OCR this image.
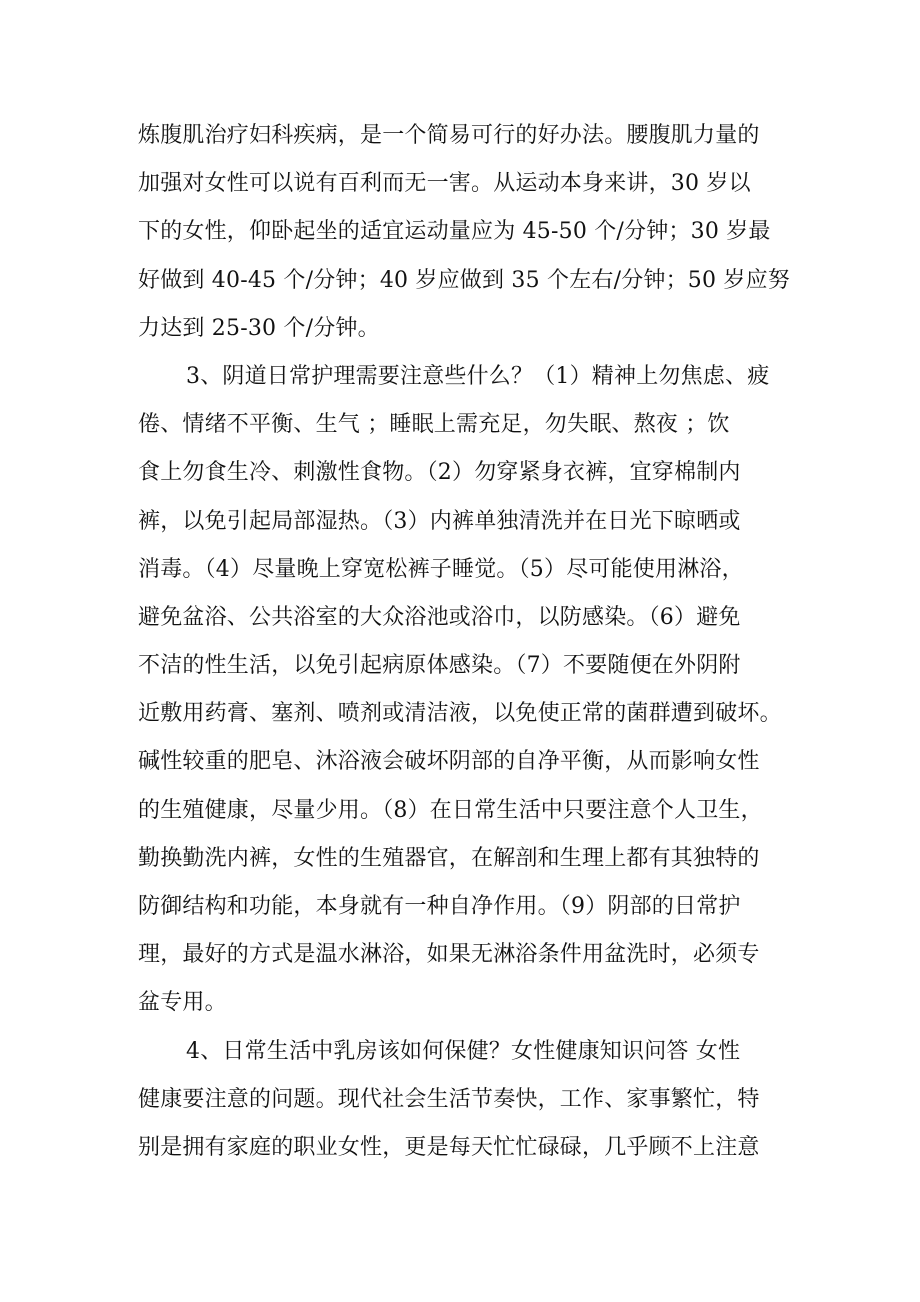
炼腹肌治疗妇科疾病，是一个简易可行的好办法。腰腹肌力量的
加强对女性可以说有百利而无一害。从运动本身来讲，30 岁以
下的女性，仰卧起坐的适宜运动量应为 45-50 个/分钟；30 岁最
好做到 40-45 个/分钟；40 岁应做到 35 个左右/分钟；50 岁应努
力达到 25-30 个/分钟。
3、阴道日常护理需要注意些什么？（1）精神上勿焦虑、疲
倦、情绪不平衡、生气 ；睡眠上需充足，勿失眠、熬夜 ；饮
食上勿食生冷、刺激性食物。（2）勿穿紧身衣裤，宜穿棉制内
裤，以免引起局部湿热。（3）内裤单独清洗并在日光下晾晒或
消毒。（4）尽量晚上穿宽松裤子睡觉。（5）尽可能使用淋浴，
避免盆浴、公共浴室的大众浴池或浴巾，以防感染。（6）避免
不洁的性生活，以免引起病原体感染。（7）不要随便在外阴附
近敷用药膏、塞剂、喷剂或清洁液，以免使正常的菌群遭到破坏。
碱性较重的肥皂、沐浴液会破坏阴部的自净平衡，从而影响女性
的生殖健康，尽量少用。（8）在日常生活中只要注意个人卫生，
勤换勤洗内裤，女性的生殖器官，在解剖和生理上都有其独特的
防御结构和功能，本身就有一种自净作用。（9）阴部的日常护
理，最好的方式是温水淋浴，如果无淋浴条件用盆洗时，必须专
盆专用。
4、日常生活中乳房该如何保健？女性健康知识问答 女性
健康要注意的问题。现代社会生活节奏快，工作、家事繁忙，特
别是拥有家庭的职业女性，更是每天忙忙碌碌，几乎顾不上注意
